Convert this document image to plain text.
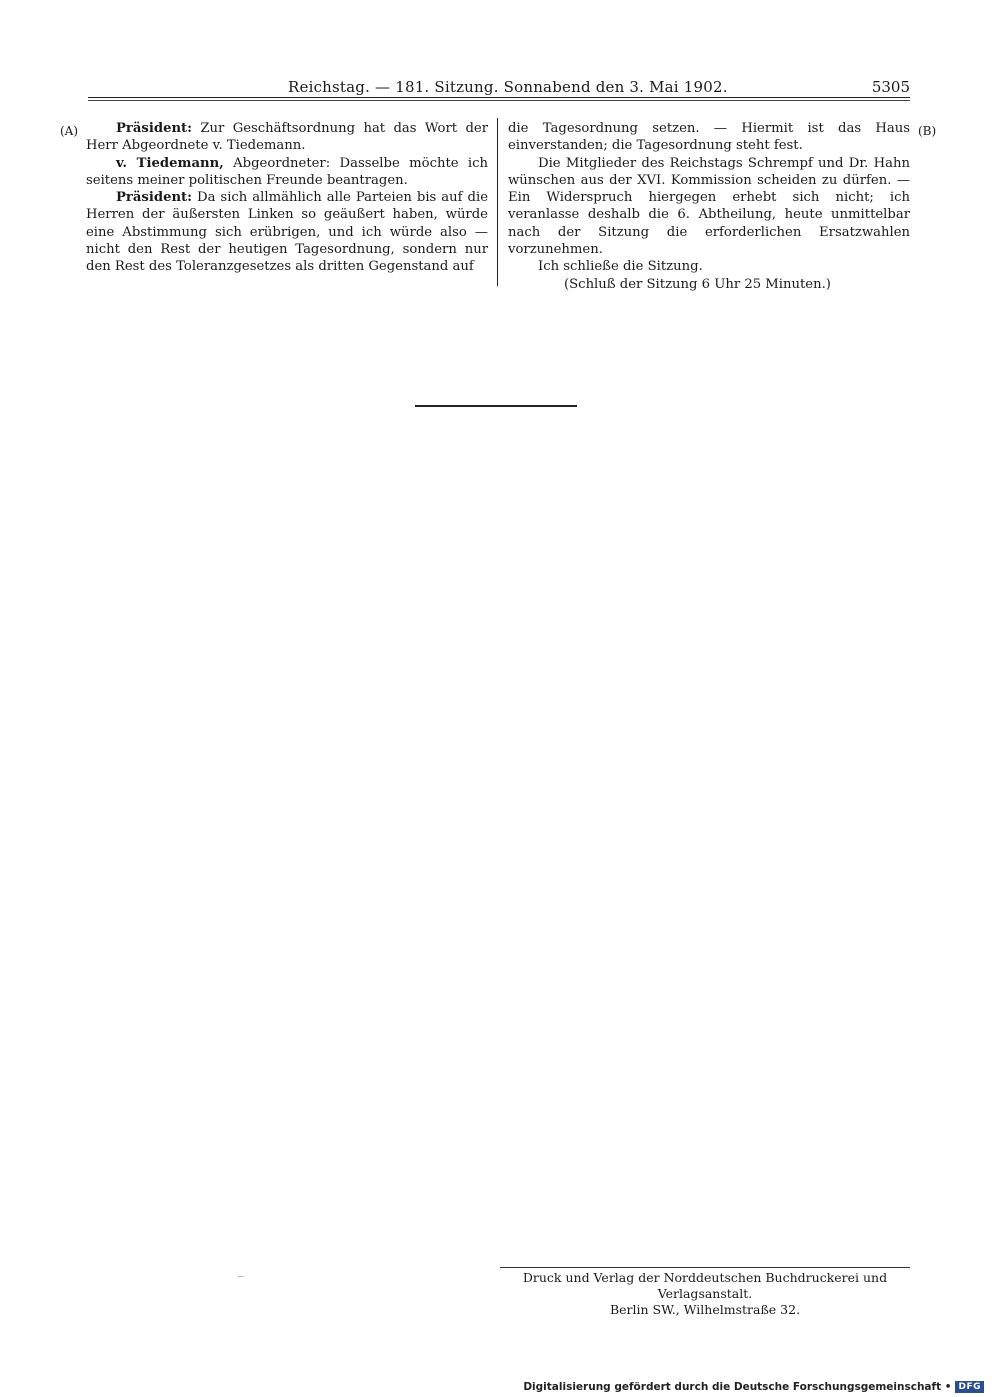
Reichstag. — 181. Sitzung. Sonnabend den 3. Mai 1902.	5305
(A)	(B)

Präsident: Zur Geschäftsordnung hat das Wort der Herr Abgeordnete v. Tiedemann.

v. Tiedemann, Abgeordneter: Dasselbe möchte ich seitens meiner politischen Freunde beantragen.

Präsident: Da sich allmählich alle Parteien bis auf die Herren der äußersten Linken so geäußert haben, würde eine Abstimmung sich erübrigen, und ich würde also — nicht den Rest der heutigen Tagesordnung, sondern nur den Rest des Toleranzgesetzes als dritten Gegenstand auf

die Tagesordnung setzen. — Hiermit ist das Haus einverstanden; die Tagesordnung steht fest.

Die Mitglieder des Reichstags Schrempf und Dr. Hahn wünschen aus der XVI. Kommission scheiden zu dürfen. — Ein Widerspruch hiergegen erhebt sich nicht; ich veranlasse deshalb die 6. Abtheilung, heute unmittelbar nach der Sitzung die erforderlichen Ersatzwahlen vorzunehmen.

Ich schließe die Sitzung.

(Schluß der Sitzung 6 Uhr 25 Minuten.)

Druck und Verlag der Norddeutschen Buchdruckerei und Verlagsanstalt.

Berlin SW., Wilhelmstraße 32.

Digitalisierung gefördert durch die Deutsche Forschungsgemeinschaft • DFG
